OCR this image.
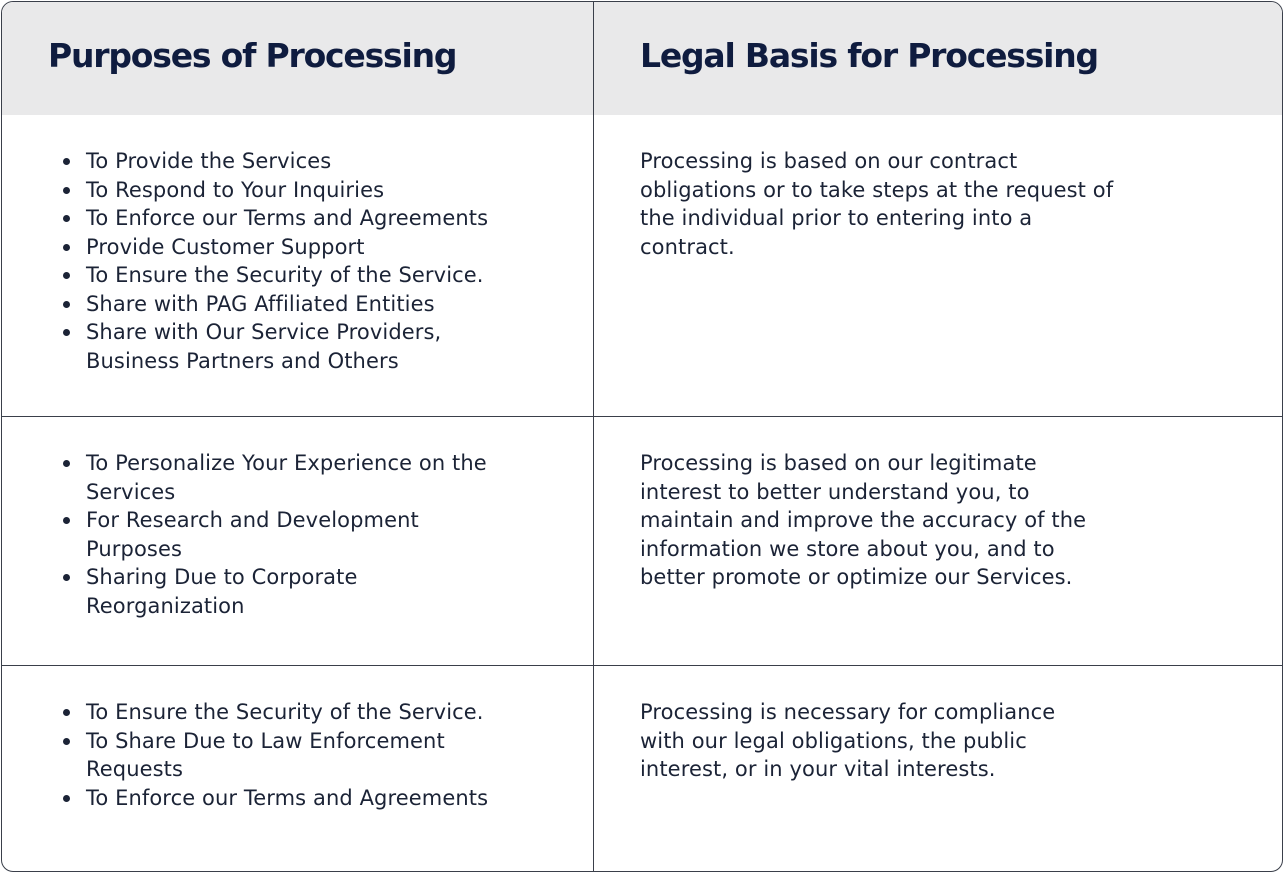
Purposes of Processing	Legal Basis for Processing
To Provide the Services
To Respond to Your Inquiries
To Enforce our Terms and Agreements
Provide Customer Support
To Ensure the Security of the Service.
Share with PAG Affiliated Entities
Share with Our Service Providers, Business Partners and Others

Processing is based on our contract obligations or to take steps at the request of the individual prior to entering into a contract.

To Personalize Your Experience on the Services
For Research and Development Purposes
Sharing Due to Corporate Reorganization

Processing is based on our legitimate interest to better understand you, to maintain and improve the accuracy of the information we store about you, and to better promote or optimize our Services.

To Ensure the Security of the Service.
To Share Due to Law Enforcement Requests
To Enforce our Terms and Agreements

Processing is necessary for compliance with our legal obligations, the public interest, or in your vital interests.
